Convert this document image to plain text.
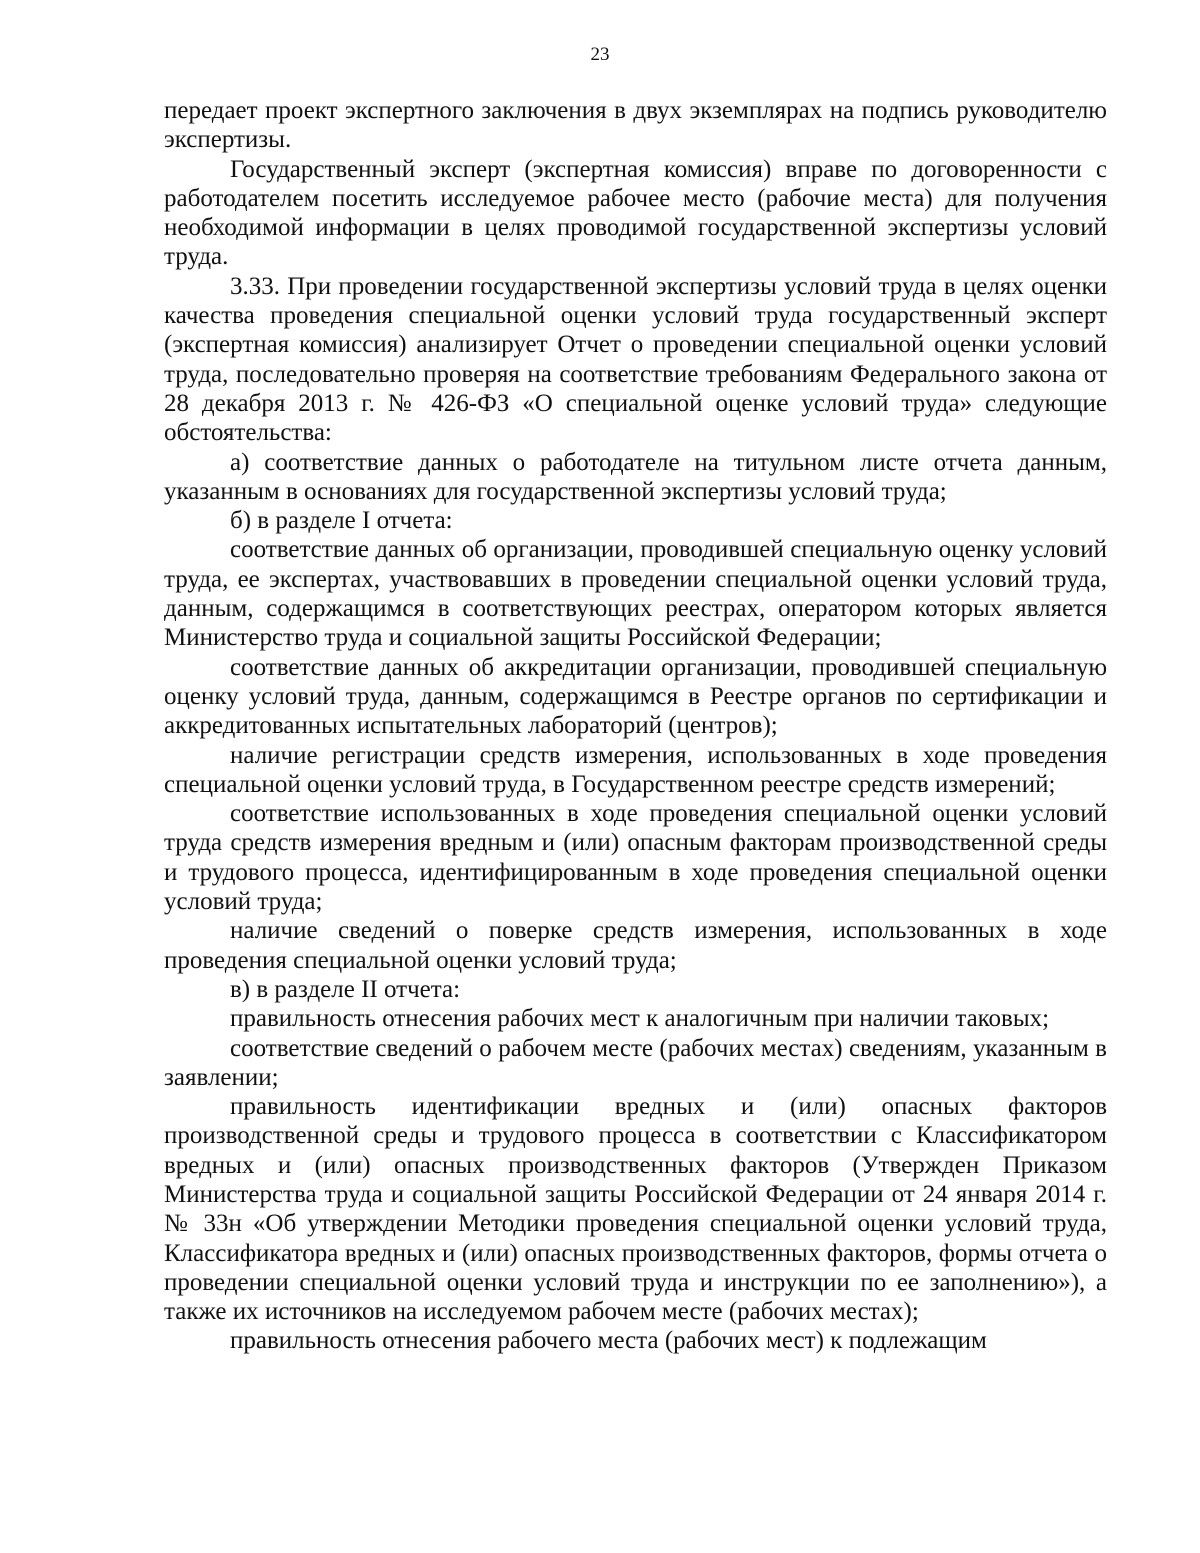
23

передает проект экспертного заключения в двух экземплярах на подпись руководителю экспертизы.

Государственный эксперт (экспертная комиссия) вправе по договоренности с работодателем посетить исследуемое рабочее место (рабочие места) для получения необходимой информации в целях проводимой государственной экспертизы условий труда.

3.33. При проведении государственной экспертизы условий труда в целях оценки качества проведения специальной оценки условий труда государственный эксперт (экспертная комиссия) анализирует Отчет о проведении специальной оценки условий труда, последовательно проверяя на соответствие требованиям Федерального закона от 28 декабря 2013 г. № 426-ФЗ «О специальной оценке условий труда» следующие обстоятельства:

а) соответствие данных о работодателе на титульном листе отчета данным, указанным в основаниях для государственной экспертизы условий труда;

б) в разделе I отчета:

соответствие данных об организации, проводившей специальную оценку условий труда, ее экспертах, участвовавших в проведении специальной оценки условий труда, данным, содержащимся в соответствующих реестрах, оператором которых является Министерство труда и социальной защиты Российской Федерации;

соответствие данных об аккредитации организации, проводившей специальную оценку условий труда, данным, содержащимся в Реестре органов по сертификации и аккредитованных испытательных лабораторий (центров);

наличие регистрации средств измерения, использованных в ходе проведения специальной оценки условий труда, в Государственном реестре средств измерений;

соответствие использованных в ходе проведения специальной оценки условий труда средств измерения вредным и (или) опасным факторам производственной среды и трудового процесса, идентифицированным в ходе проведения специальной оценки условий труда;

наличие сведений о поверке средств измерения, использованных в ходе проведения специальной оценки условий труда;

в) в разделе II отчета:

правильность отнесения рабочих мест к аналогичным при наличии таковых;

соответствие сведений о рабочем месте (рабочих местах) сведениям, указанным в заявлении;

правильность идентификации вредных и (или) опасных факторов производственной среды и трудового процесса в соответствии с Классификатором вредных и (или) опасных производственных факторов (Утвержден Приказом Министерства труда и социальной защиты Российской Федерации от 24 января 2014 г. № 33н «Об утверждении Методики проведения специальной оценки условий труда, Классификатора вредных и (или) опасных производственных факторов, формы отчета о проведении специальной оценки условий труда и инструкции по ее заполнению»), а также их источников на исследуемом рабочем месте (рабочих местах);

правильность отнесения рабочего места (рабочих мест) к подлежащим
